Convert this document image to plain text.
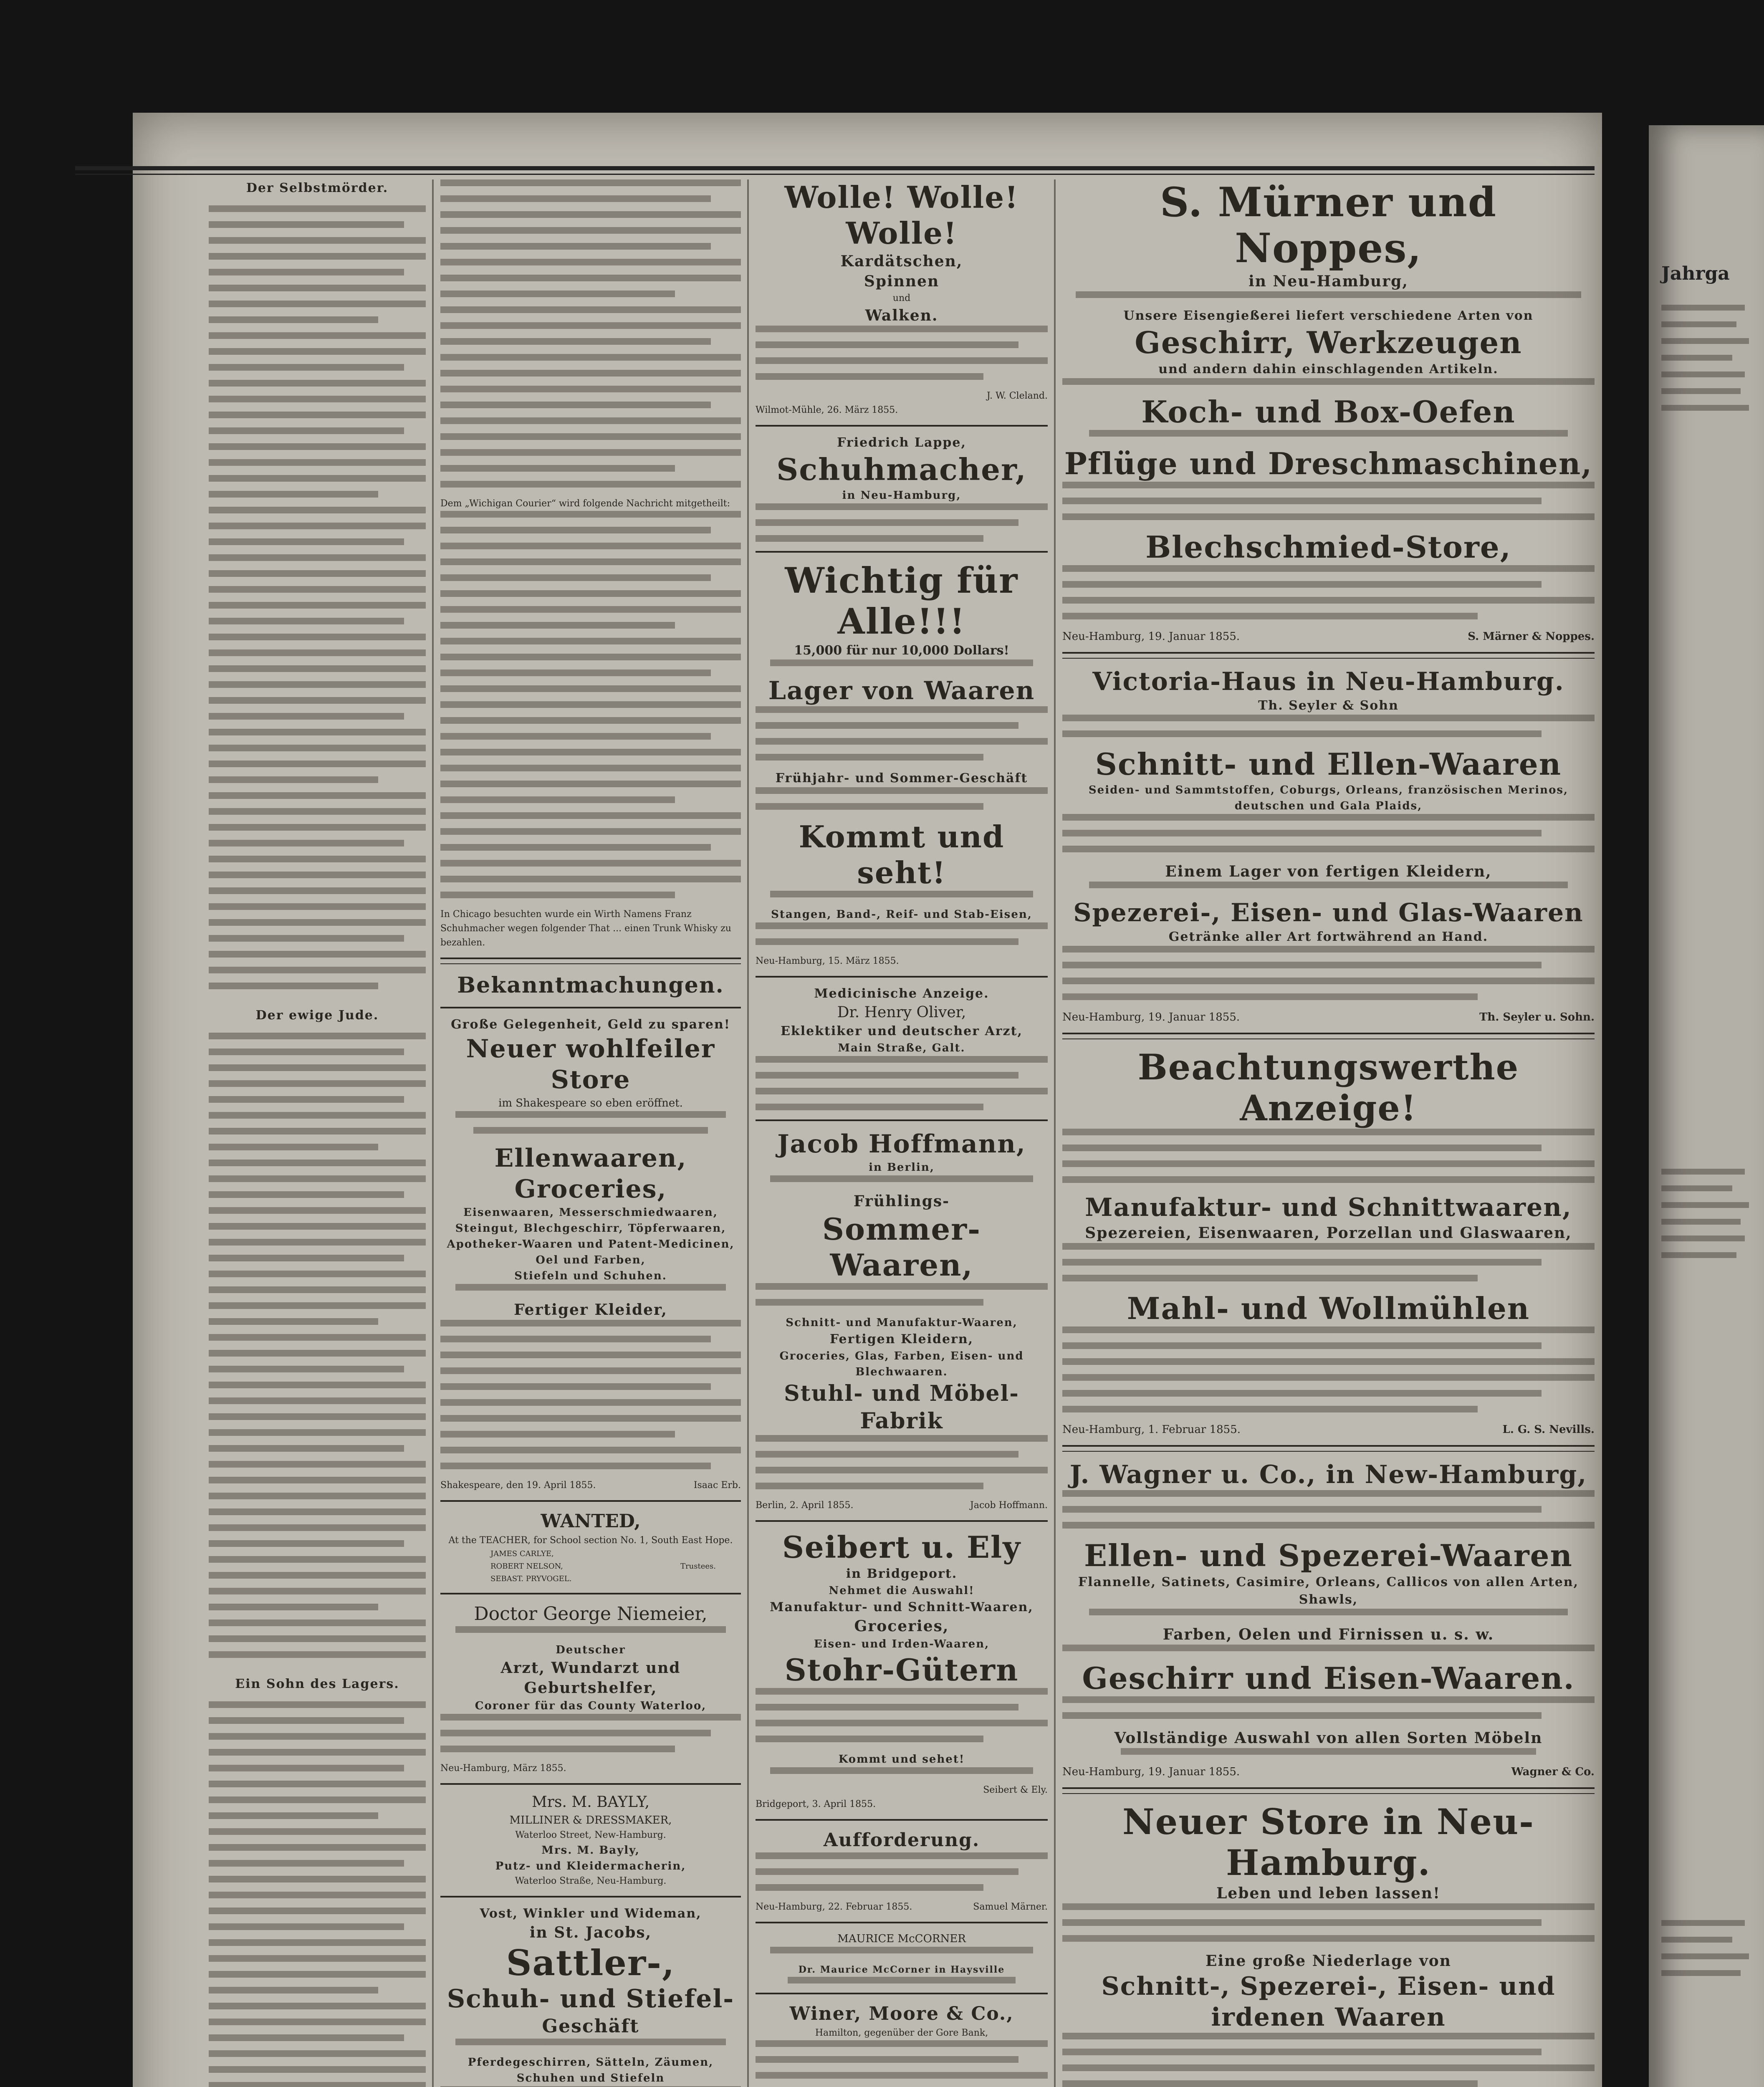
Jahrga
Der Selbstmörder.
Der ewige Jude.
Ein Sohn des Lagers.
Dem „Wichigan Courier“ wird folgende Nachricht mitgetheilt:
In Chicago besuchten wurde ein Wirth Namens Franz Schuhmacher wegen folgender That ... einen Trunk Whisky zu bezahlen.
Bekanntmachungen.
Große Gelegenheit, Geld zu sparen!
Neuer wohlfeiler Store
im Shakespeare so eben eröffnet.
Ellenwaaren, Groceries,
Eisenwaaren, Messerschmiedwaaren, Steingut, Blechgeschirr, Töpferwaaren,
Apotheker-Waaren und Patent-Medicinen,
Oel und Farben,
Stiefeln und Schuhen.
Fertiger Kleider,
Shakespeare, den 19. April 1855.	Isaac Erb.
WANTED,
At the TEACHER, for School section No. 1, South East Hope.
JAMES CARLYE,
ROBERT NELSON,
SEBAST. PRYVOGEL.
Trustees.
Doctor George Niemeier,
Deutscher
Arzt, Wundarzt und Geburtshelfer,
Coroner für das County Waterloo,
Neu-Hamburg, März 1855.
Mrs. M. BAYLY,
MILLINER & DRESSMAKER,
Waterloo Street, New-Hamburg.
Mrs. M. Bayly,
Putz- und Kleidermacherin,
Waterloo Straße, Neu-Hamburg.
Vost, Winkler und Wideman,
in St. Jacobs,
Sattler-,
Schuh- und Stiefel-
Geschäft
Pferdegeschirren, Sätteln, Zäumen, Schuhen und Stiefeln
Wolle! Wolle! Wolle!
Kardätschen,
Spinnen
und
Walken.
J. W. Cleland.
Wilmot-Mühle, 26. März 1855.
Friedrich Lappe,
Schuhmacher,
in Neu-Hamburg,
Wichtig für Alle!!!
15,000 für nur 10,000 Dollars!
Lager von Waaren
Frühjahr- und Sommer-Geschäft
Kommt und seht!
Stangen, Band-, Reif- und Stab-Eisen,
Neu-Hamburg, 15. März 1855.
Medicinische Anzeige.
Dr. Henry Oliver,
Eklektiker und deutscher Arzt,
Main Straße, Galt.
Jacob Hoffmann,
in Berlin,
Frühlings-
Sommer-Waaren,
Schnitt- und Manufaktur-Waaren,
Fertigen Kleidern,
Groceries, Glas, Farben, Eisen- und Blechwaaren.
Stuhl- und Möbel-Fabrik
Berlin, 2. April 1855.	Jacob Hoffmann.
Seibert u. Ely
in Bridgeport.
Nehmet die Auswahl!
Manufaktur- und Schnitt-Waaren,
Groceries,
Eisen- und Irden-Waaren,
Stohr-Gütern
Kommt und sehet!
Seibert & Ely.
Bridgeport, 3. April 1855.
Aufforderung.
Neu-Hamburg, 22. Februar 1855.	Samuel Märner.
MAURICE McCORNER
Dr. Maurice McCorner in Haysville
Winer, Moore & Co.,
Hamilton, gegenüber der Gore Bank,
S. Mürner und Noppes,
in Neu-Hamburg,
Unsere Eisengießerei liefert verschiedene Arten von
Geschirr, Werkzeugen
und andern dahin einschlagenden Artikeln.
Koch- und Box-Oefen
Pflüge und Dreschmaschinen,
Blechschmied-Store,
Neu-Hamburg, 19. Januar 1855.	S. Märner & Noppes.
Victoria-Haus in Neu-Hamburg.
Th. Seyler & Sohn
Schnitt- und Ellen-Waaren
Seiden- und Sammtstoffen, Coburgs, Orleans, französischen Merinos, deutschen und Gala Plaids,
Einem Lager von fertigen Kleidern,
Spezerei-, Eisen- und Glas-Waaren
Getränke aller Art fortwährend an Hand.
Neu-Hamburg, 19. Januar 1855.	Th. Seyler u. Sohn.
Beachtungswerthe Anzeige!
Manufaktur- und Schnittwaaren,
Spezereien, Eisenwaaren, Porzellan und Glaswaaren,
Mahl- und Wollmühlen
Neu-Hamburg, 1. Februar 1855.	L. G. S. Nevills.
J. Wagner u. Co., in New-Hamburg,
Ellen- und Spezerei-Waaren
Flannelle, Satinets, Casimire, Orleans, Callicos von allen Arten, Shawls,
Farben, Oelen und Firnissen u. s. w.
Geschirr und Eisen-Waaren.
Vollständige Auswahl von allen Sorten Möbeln
Neu-Hamburg, 19. Januar 1855.	Wagner & Co.
Neuer Store in Neu-Hamburg.
Leben und leben lassen!
Eine große Niederlage von
Schnitt-, Spezerei-, Eisen- und irdenen Waaren
